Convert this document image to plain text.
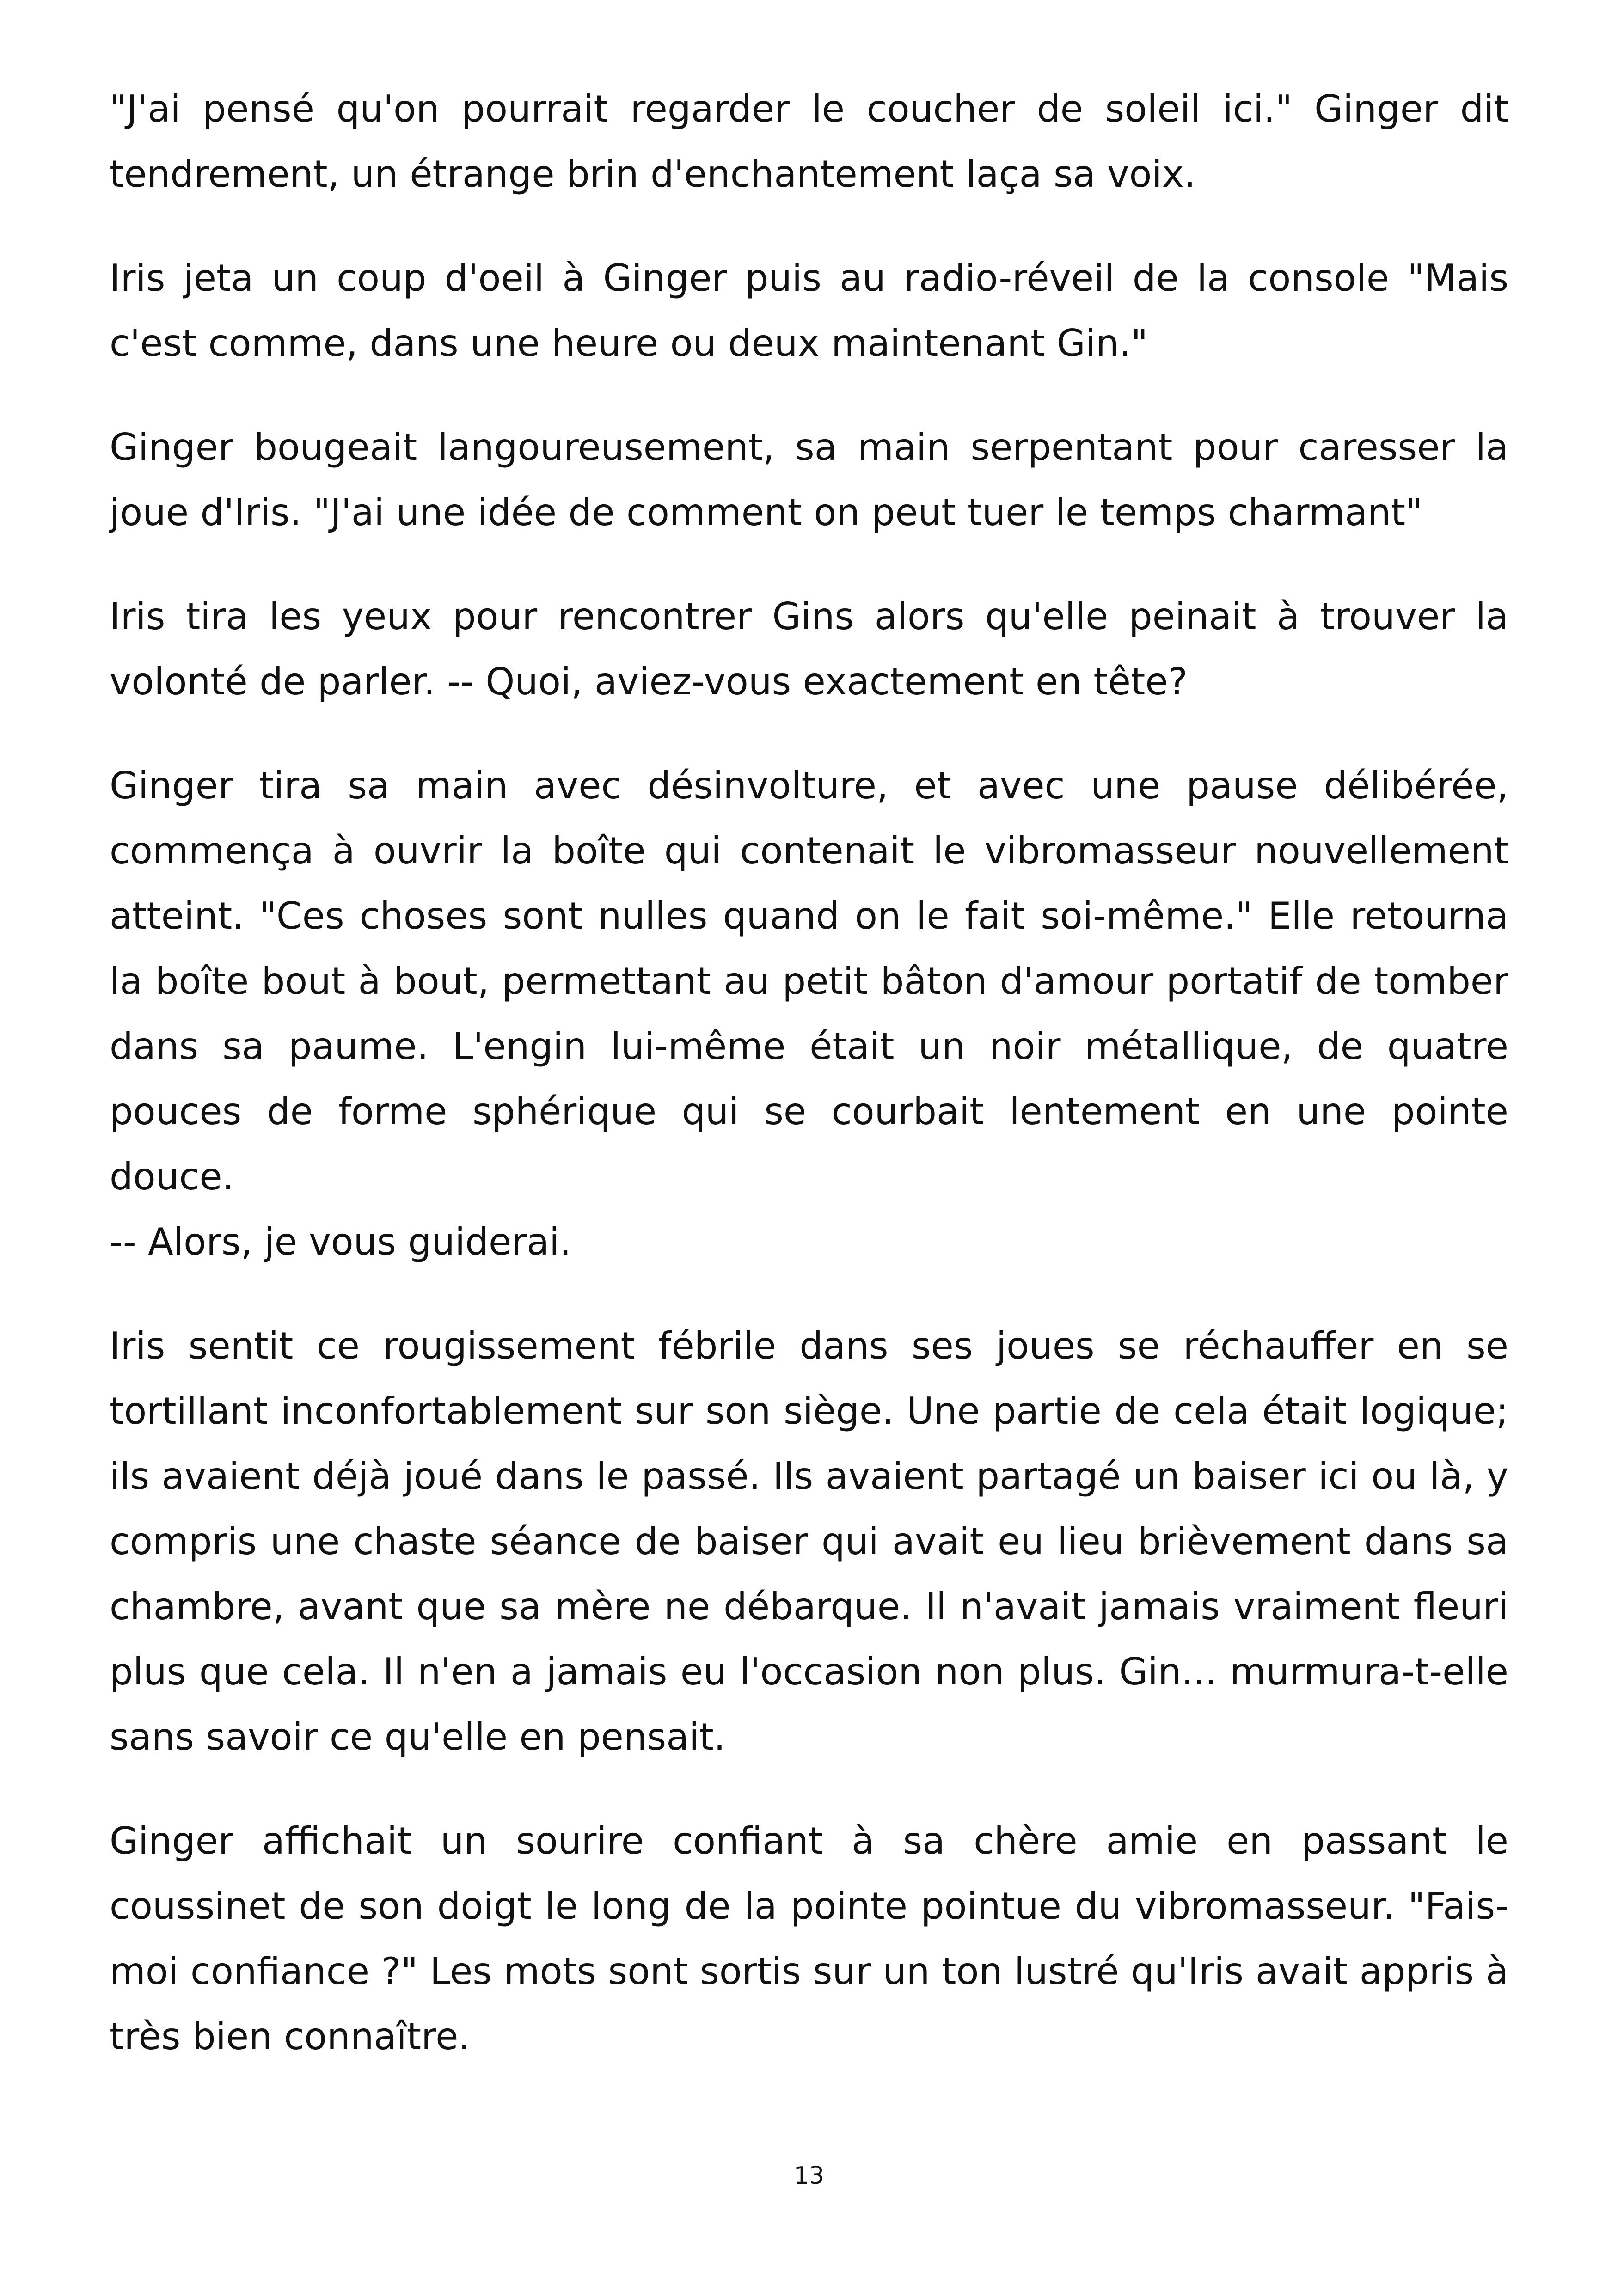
"J'ai pensé qu'on pourrait regarder le coucher de soleil ici." Ginger dit tendrement, un étrange brin d'enchantement laça sa voix.

Iris jeta un coup d'oeil à Ginger puis au radio-réveil de la console "Mais c'est comme, dans une heure ou deux maintenant Gin."

Ginger bougeait langoureusement, sa main serpentant pour caresser la joue d'Iris. "J'ai une idée de comment on peut tuer le temps charmant"

Iris tira les yeux pour rencontrer Gins alors qu'elle peinait à trouver la volonté de parler. -- Quoi, aviez-vous exactement en tête?

Ginger tira sa main avec désinvolture, et avec une pause délibérée, commença à ouvrir la boîte qui contenait le vibromasseur nouvellement atteint. "Ces choses sont nulles quand on le fait soi-même." Elle retourna la boîte bout à bout, permettant au petit bâton d'amour portatif de tomber dans sa paume. L'engin lui-même était un noir métallique, de quatre pouces de forme sphérique qui se courbait lentement en une pointe douce.
-- Alors, je vous guiderai.

Iris sentit ce rougissement fébrile dans ses joues se réchauffer en se tortillant inconfortablement sur son siège. Une partie de cela était logique; ils avaient déjà joué dans le passé. Ils avaient partagé un baiser ici ou là, y compris une chaste séance de baiser qui avait eu lieu brièvement dans sa chambre, avant que sa mère ne débarque. Il n'avait jamais vraiment fleuri plus que cela. Il n'en a jamais eu l'occasion non plus. Gin... murmura-t-elle sans savoir ce qu'elle en pensait.

Ginger affichait un sourire confiant à sa chère amie en passant le coussinet de son doigt le long de la pointe pointue du vibromasseur. "Fais-moi confiance ?" Les mots sont sortis sur un ton lustré qu'Iris avait appris à très bien connaître.

13
